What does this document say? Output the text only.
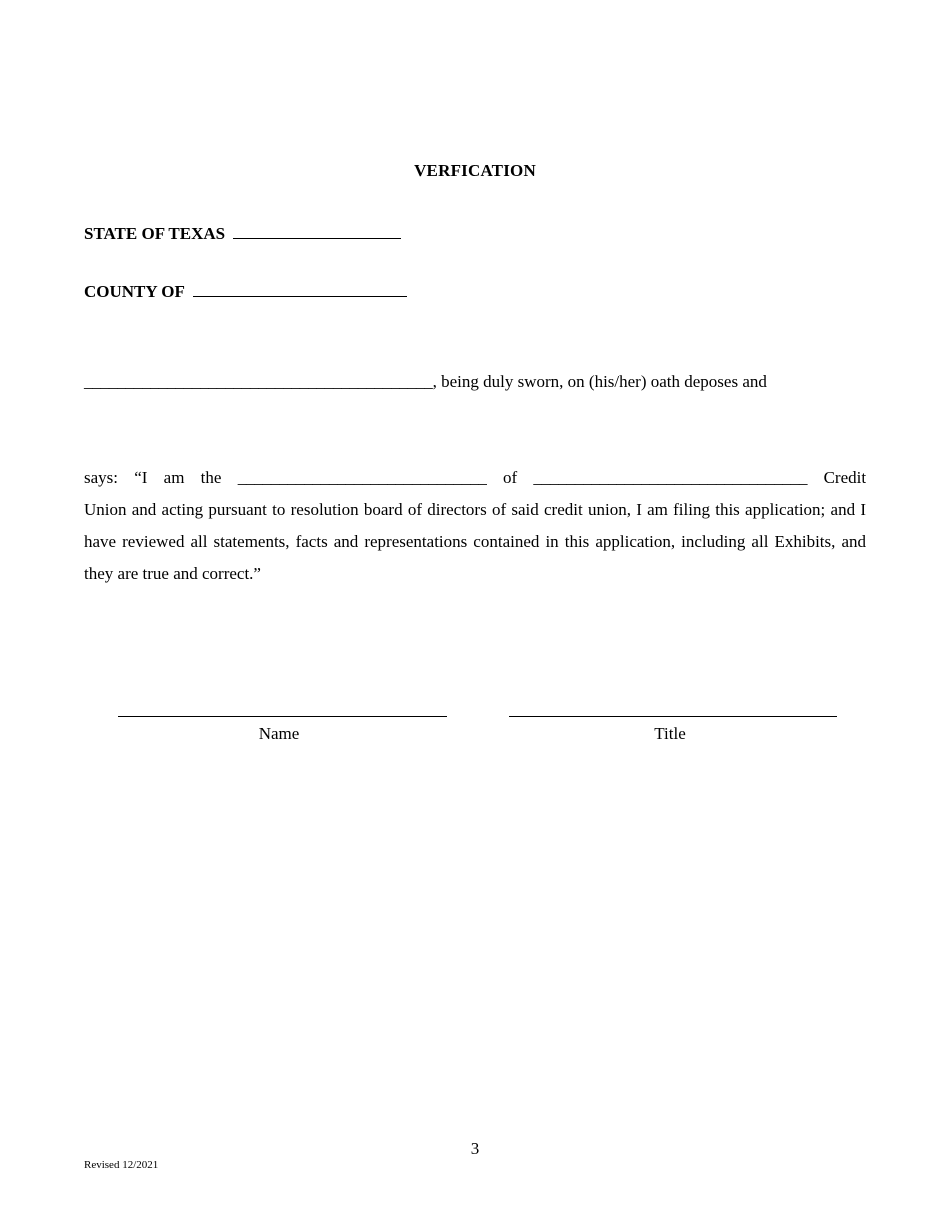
VERFICATION
STATE OF TEXAS
COUNTY OF
__________________________________________, being duly sworn, on (his/her) oath deposes and

says: “I am the ______________________________ of _________________________________ Credit

Union and acting pursuant to resolution board of directors of said credit union, I am filing this application; and I have reviewed all statements, facts and representations contained in this application, including all Exhibits, and they are true and correct.”

Name	Title
3
Revised 12/2021
